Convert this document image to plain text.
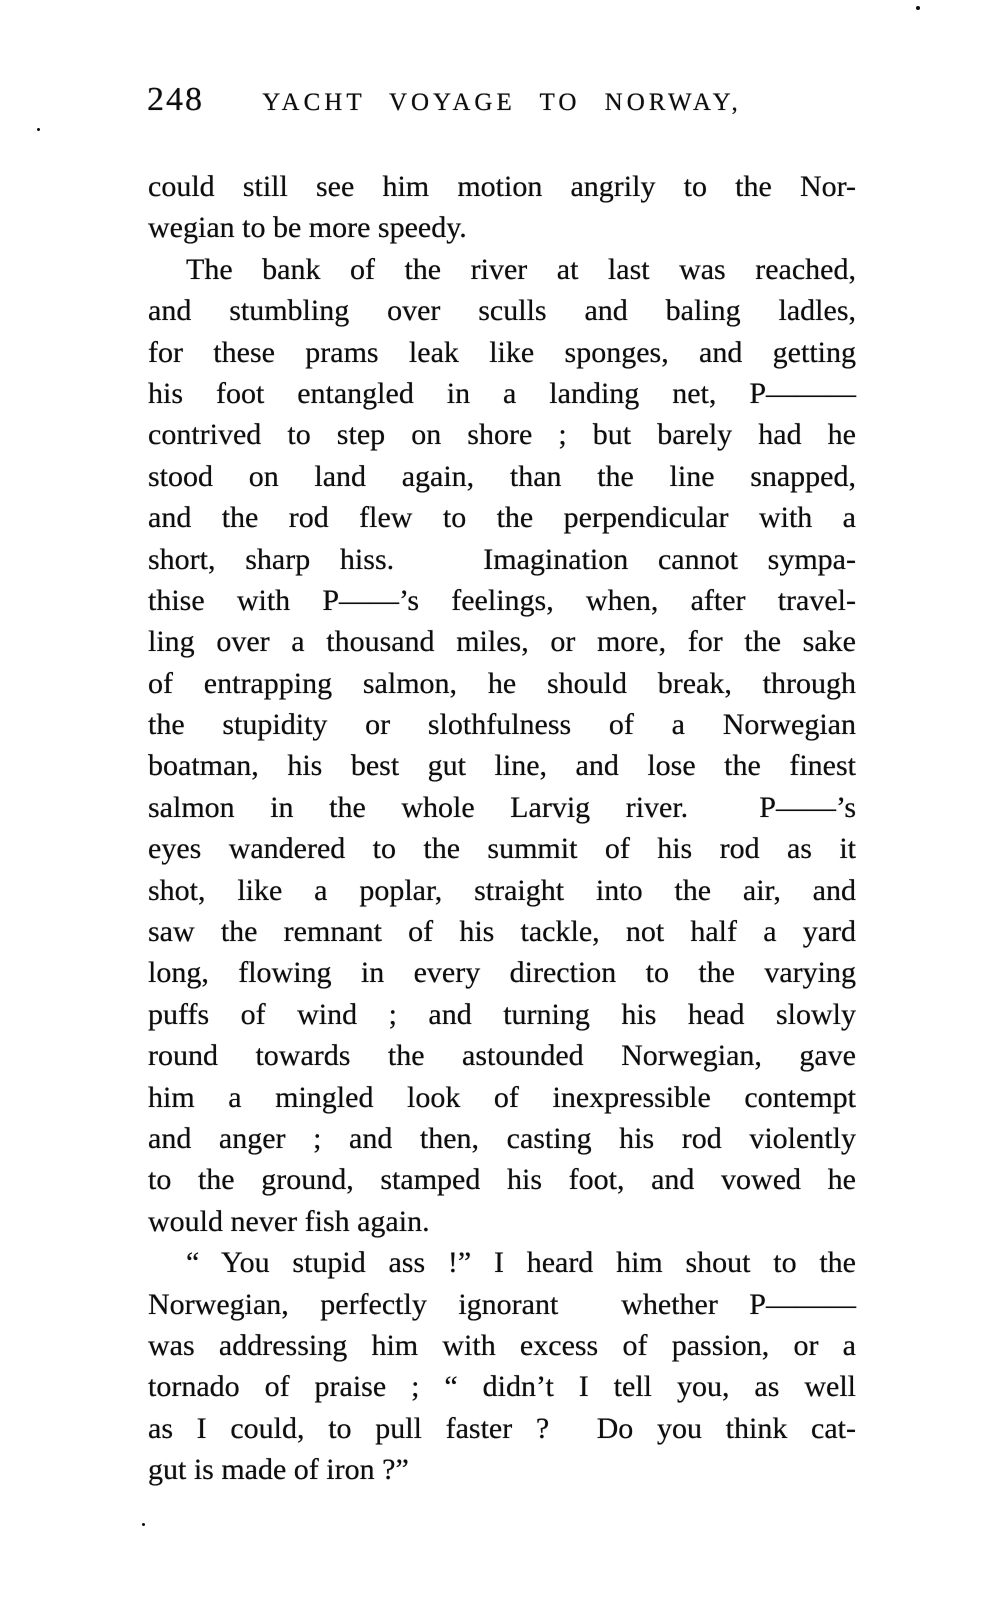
248	YACHT VOYAGE TO NORWAY,
could still see him motion angrily to the Nor-
wegian to be more speedy.
The bank of the river at last was reached,
and stumbling over sculls and baling ladles,
for these prams leak like sponges, and getting
his foot entangled in a landing net, P———
contrived to step on shore ; but barely had he
stood on land again, than the line snapped,
and the rod flew to the perpendicular with a
short, sharp hiss.   Imagination cannot sympa-
thise with P——’s feelings, when, after travel-
ling over a thousand miles, or more, for the sake
of entrapping salmon, he should break, through
the stupidity or slothfulness of a Norwegian
boatman, his best gut line, and lose the finest
salmon in the whole Larvig river.  P——’s
eyes wandered to the summit of his rod as it
shot, like a poplar, straight into the air, and
saw the remnant of his tackle, not half a yard
long, flowing in every direction to the varying
puffs of wind ; and turning his head slowly
round towards the astounded Norwegian, gave
him a mingled look of inexpressible contempt
and anger ; and then, casting his rod violently
to the ground, stamped his foot, and vowed he
would never fish again.
“ You stupid ass !” I heard him shout to the
Norwegian, perfectly ignorant  whether P———
was addressing him with excess of passion, or a
tornado of praise ; “ didn’t I tell you, as well
as I could, to pull faster ?  Do you think cat-
gut is made of iron ?”
